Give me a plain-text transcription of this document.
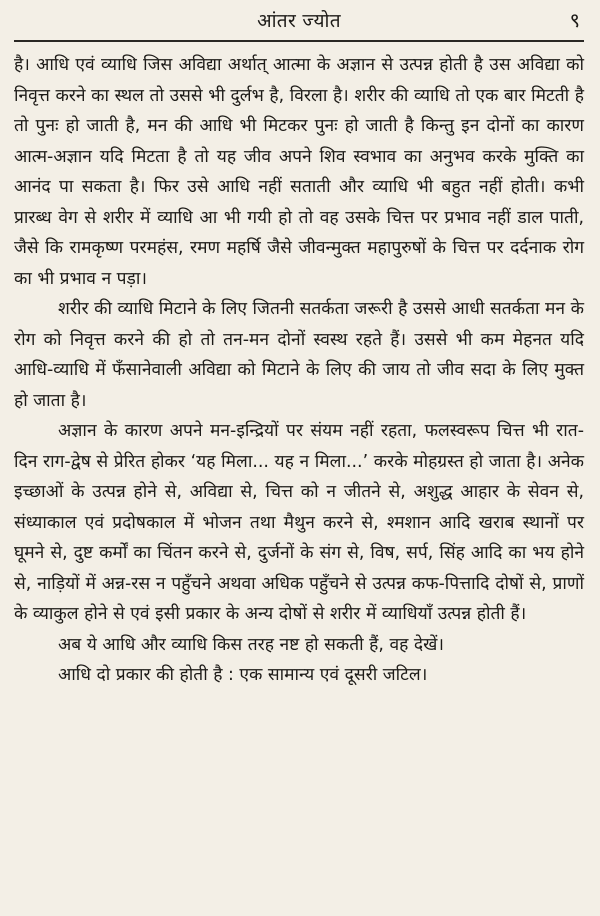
आंतर ज्योत	९

है। आधि एवं व्याधि जिस अविद्या अर्थात् आत्मा के अज्ञान से उत्पन्न होती है उस अविद्या को निवृत्त करने का स्थल तो उससे भी दुर्लभ है, विरला है। शरीर की व्याधि तो एक बार मिटती है तो पुनः हो जाती है, मन की आधि भी मिटकर पुनः हो जाती है किन्तु इन दोनों का कारण आत्म-अज्ञान यदि मिटता है तो यह जीव अपने शिव स्वभाव का अनुभव करके मुक्ति का आनंद पा सकता है। फिर उसे आधि नहीं सताती और व्याधि भी बहुत नहीं होती। कभी प्रारब्ध वेग से शरीर में व्याधि आ भी गयी हो तो वह उसके चित्त पर प्रभाव नहीं डाल पाती, जैसे कि रामकृष्ण परमहंस, रमण महर्षि जैसे जीवन्मुक्त महापुरुषों के चित्त पर दर्दनाक रोग का भी प्रभाव न पड़ा।

शरीर की व्याधि मिटाने के लिए जितनी सतर्कता जरूरी है उससे आधी सतर्कता मन के रोग को निवृत्त करने की हो तो तन-मन दोनों स्वस्थ रहते हैं। उससे भी कम मेहनत यदि आधि-व्याधि में फँसानेवाली अविद्या को मिटाने के लिए की जाय तो जीव सदा के लिए मुक्त हो जाता है।

अज्ञान के कारण अपने मन-इन्द्रियों पर संयम नहीं रहता, फलस्वरूप चित्त भी रात-दिन राग-द्वेष से प्रेरित होकर ‘यह मिला... यह न मिला...’ करके मोहग्रस्त हो जाता है। अनेक इच्छाओं के उत्पन्न होने से, अविद्या से, चित्त को न जीतने से, अशुद्ध आहार के सेवन से, संध्याकाल एवं प्रदोषकाल में भोजन तथा मैथुन करने से, श्मशान आदि खराब स्थानों पर घूमने से, दुष्ट कर्मों का चिंतन करने से, दुर्जनों के संग से, विष, सर्प, सिंह आदि का भय होने से, नाड़ियों में अन्न-रस न पहुँचने अथवा अधिक पहुँचने से उत्पन्न कफ-पित्तादि दोषों से, प्राणों के व्याकुल होने से एवं इसी प्रकार के अन्य दोषों से शरीर में व्याधियाँ उत्पन्न होती हैं।

अब ये आधि और व्याधि किस तरह नष्ट हो सकती हैं, वह देखें।

आधि दो प्रकार की होती है : एक सामान्य एवं दूसरी जटिल।
